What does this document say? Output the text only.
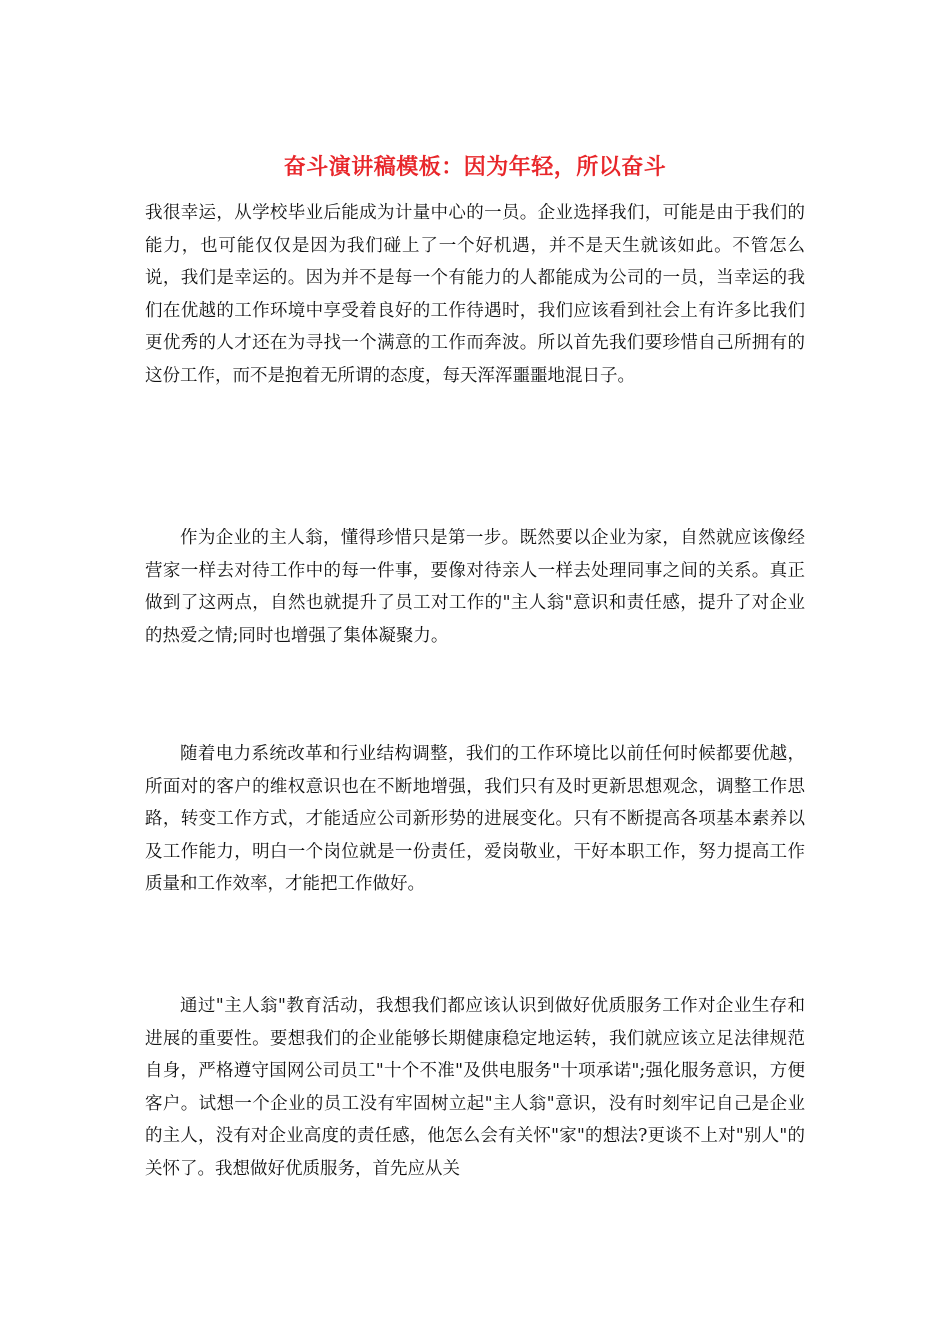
奋斗演讲稿模板：因为年轻，所以奋斗

我很幸运，从学校毕业后能成为计量中心的一员。企业选择我们，可能是由于我们的能力，也可能仅仅是因为我们碰上了一个好机遇，并不是天生就该如此。不管怎么说，我们是幸运的。因为并不是每一个有能力的人都能成为公司的一员，当幸运的我们在优越的工作环境中享受着良好的工作待遇时，我们应该看到社会上有许多比我们更优秀的人才还在为寻找一个满意的工作而奔波。所以首先我们要珍惜自己所拥有的这份工作，而不是抱着无所谓的态度，每天浑浑噩噩地混日子。

作为企业的主人翁，懂得珍惜只是第一步。既然要以企业为家，自然就应该像经营家一样去对待工作中的每一件事，要像对待亲人一样去处理同事之间的关系。真正做到了这两点，自然也就提升了员工对工作的"主人翁"意识和责任感，提升了对企业的热爱之情;同时也增强了集体凝聚力。

随着电力系统改革和行业结构调整，我们的工作环境比以前任何时候都要优越，所面对的客户的维权意识也在不断地增强，我们只有及时更新思想观念，调整工作思路，转变工作方式，才能适应公司新形势的进展变化。只有不断提高各项基本素养以及工作能力，明白一个岗位就是一份责任，爱岗敬业，干好本职工作，努力提高工作质量和工作效率，才能把工作做好。

通过"主人翁"教育活动，我想我们都应该认识到做好优质服务工作对企业生存和进展的重要性。要想我们的企业能够长期健康稳定地运转，我们就应该立足法律规范自身，严格遵守国网公司员工"十个不准"及供电服务"十项承诺";强化服务意识，方便客户。试想一个企业的员工没有牢固树立起"主人翁"意识，没有时刻牢记自己是企业的主人，没有对企业高度的责任感，他怎么会有关怀"家"的想法?更谈不上对"别人"的关怀了。我想做好优质服务，首先应从关
